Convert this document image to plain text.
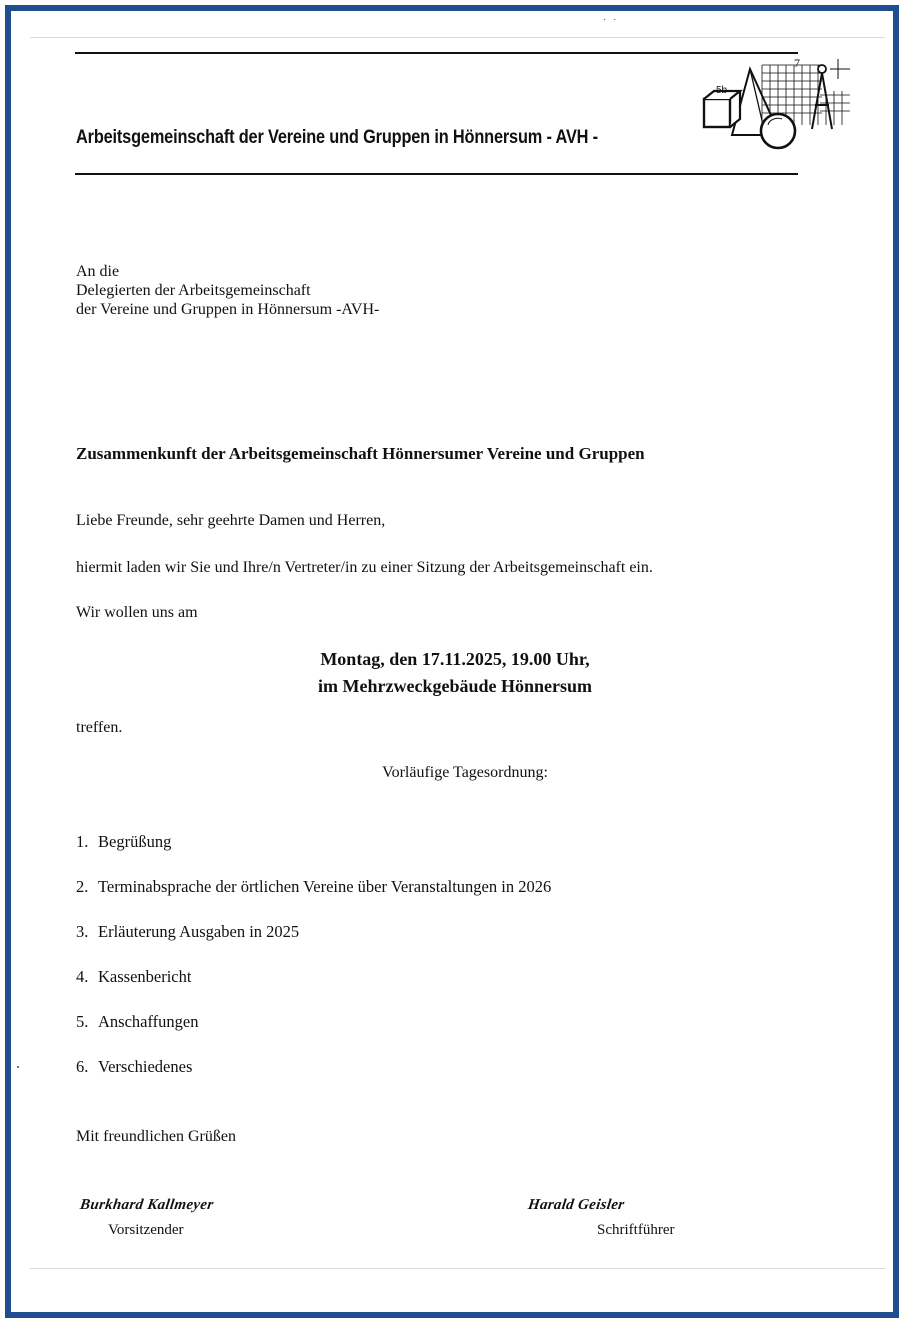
· ·
Arbeitsgemeinschaft der Vereine und Gruppen in Hönnersum - AVH -
5b
7
An die
Delegierten der Arbeitsgemeinschaft
der Vereine und Gruppen in Hönnersum -AVH-
Zusammenkunft der Arbeitsgemeinschaft Hönnersumer Vereine und Gruppen
Liebe Freunde, sehr geehrte Damen und Herren,
hiermit laden wir Sie und Ihre/n Vertreter/in zu einer Sitzung der Arbeitsgemeinschaft ein.
Wir wollen uns am
Montag, den 17.11.2025, 19.00 Uhr,
im Mehrzweckgebäude Hönnersum
treffen.
Vorläufige Tagesordnung:
1. Begrüßung
2. Terminabsprache der örtlichen Vereine über Veranstaltungen in 2026
3. Erläuterung Ausgaben in 2025
4. Kassenbericht
5. Anschaffungen
6. Verschiedenes
Mit freundlichen Grüßen
Burkhard Kallmeyer
Vorsitzender
Harald Geisler
Schriftführer
